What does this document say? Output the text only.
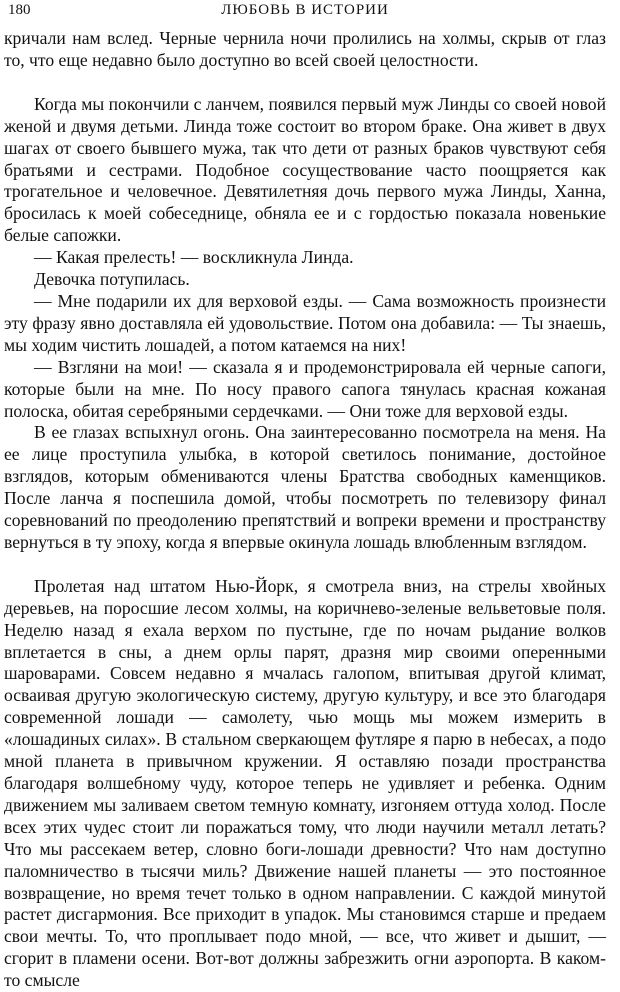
180	ЛЮБОВЬ В ИСТОРИИ

кричали нам вслед. Черные чернила ночи пролились на холмы, скрыв от глаз то, что еще недавно было доступно во всей своей целостности.

Когда мы покончили с ланчем, появился первый муж Линды со своей новой женой и двумя детьми. Линда тоже состоит во втором браке. Она живет в двух шагах от своего бывшего мужа, так что дети от разных браков чувствуют себя братьями и сестрами. Подобное сосуществование часто поощряется как трогательное и человечное. Девятилетняя дочь первого мужа Линды, Ханна, бросилась к моей собеседнице, обняла ее и с гордостью показала новенькие белые сапожки.

— Какая прелесть! — воскликнула Линда.

Девочка потупилась.

— Мне подарили их для верховой езды. — Сама возможность произнести эту фразу явно доставляла ей удовольствие. Потом она добавила: — Ты знаешь, мы ходим чистить лошадей, а потом катаемся на них!

— Взгляни на мои! — сказала я и продемонстрировала ей черные сапоги, которые были на мне. По носу правого сапога тянулась красная кожаная полоска, обитая серебряными сердечками. — Они тоже для верховой езды.

В ее глазах вспыхнул огонь. Она заинтересованно посмотрела на меня. На ее лице проступила улыбка, в которой светилось понимание, достойное взглядов, которым обмениваются члены Братства свободных каменщиков. После ланча я поспешила домой, чтобы посмотреть по телевизору финал соревнований по преодолению препятствий и вопреки времени и пространству вернуться в ту эпоху, когда я впервые окинула лошадь влюбленным взглядом.

Пролетая над штатом Нью-Йорк, я смотрела вниз, на стрелы хвойных деревьев, на поросшие лесом холмы, на коричнево-зеленые вельветовые поля. Неделю назад я ехала верхом по пустыне, где по ночам рыдание волков вплетается в сны, а днем орлы парят, дразня мир своими оперенными шароварами. Совсем недавно я мчалась галопом, впитывая другой климат, осваивая другую экологическую систему, другую культуру, и все это благодаря современной лошади — самолету, чью мощь мы можем измерить в «лошадиных силах». В стальном сверкающем футляре я парю в небесах, а подо мной планета в привычном кружении. Я оставляю позади пространства благодаря волшебному чуду, которое теперь не удивляет и ребенка. Одним движением мы заливаем светом темную комнату, изгоняем оттуда холод. После всех этих чудес стоит ли поражаться тому, что люди научили металл летать? Что мы рассекаем ветер, словно боги-лошади древности? Что нам доступно паломничество в тысячи миль? Движение нашей планеты — это постоянное возвращение, но время течет только в одном направлении. С каждой минутой растет дисгармония. Все приходит в упадок. Мы становимся старше и предаем свои мечты. То, что проплывает подо мной, — все, что живет и дышит, — сгорит в пламени осени. Вот-вот должны забрезжить огни аэропорта. В каком-то смысле
